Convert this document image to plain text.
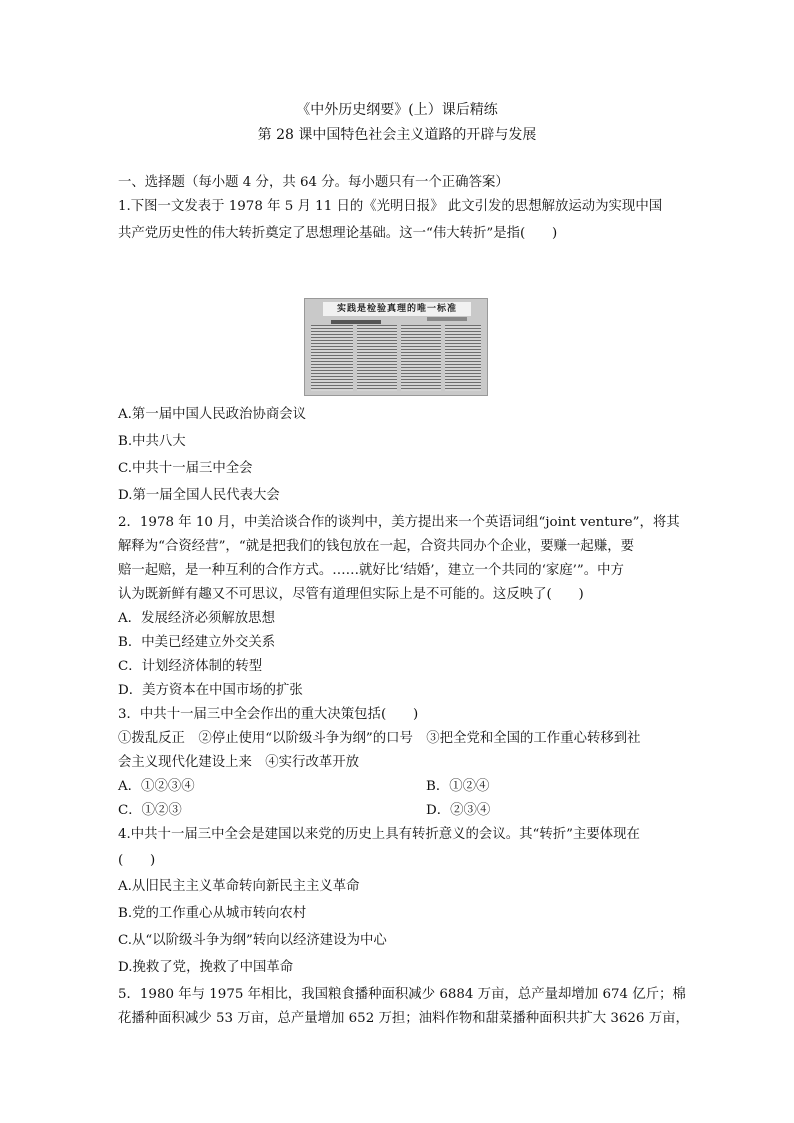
《中外历史纲要》(上）课后精练
第 28 课中国特色社会主义道路的开辟与发展
一、选择题（每小题 4 分，共 64 分。每小题只有一个正确答案）
1.下图一文发表于 1978 年 5 月 11 日的《光明日报》 此文引发的思想解放运动为实现中国
共产党历史性的伟大转折奠定了思想理论基础。这一“伟大转折”是指(　　)
实践是检验真理的唯一标准
A.第一届中国人民政治协商会议
B.中共八大
C.中共十一届三中全会
D.第一届全国人民代表大会
2．1978 年 10 月，中美洽谈合作的谈判中，美方提出来一个英语词组“joint venture”，将其
解释为“合资经营”，“就是把我们的钱包放在一起，合资共同办个企业，要赚一起赚，要
赔一起赔，是一种互利的合作方式。……就好比‘结婚’，建立一个共同的‘家庭’”。中方
认为既新鲜有趣又不可思议，尽管有道理但实际上是不可能的。这反映了(　　)
A．发展经济必须解放思想
B．中美已经建立外交关系
C．计划经济体制的转型
D．美方资本在中国市场的扩张
3．中共十一届三中全会作出的重大决策包括(　　)
①拨乱反正　②停止使用“以阶级斗争为纲”的口号　③把全党和全国的工作重心转移到社
会主义现代化建设上来　④实行改革开放
A．①②③④	B．①②④
C．①②③	D．②③④
4.中共十一届三中全会是建国以来党的历史上具有转折意义的会议。其“转折”主要体现在
(　　)
A.从旧民主主义革命转向新民主主义革命
B.党的工作重心从城市转向农村
C.从“以阶级斗争为纲”转向以经济建设为中心
D.挽救了党，挽救了中国革命
5．1980 年与 1975 年相比，我国粮食播种面积减少 6884 万亩，总产量却增加 674 亿斤；棉
花播种面积减少 53 万亩，总产量增加 652 万担；油料作物和甜菜播种面积共扩大 3626 万亩，
